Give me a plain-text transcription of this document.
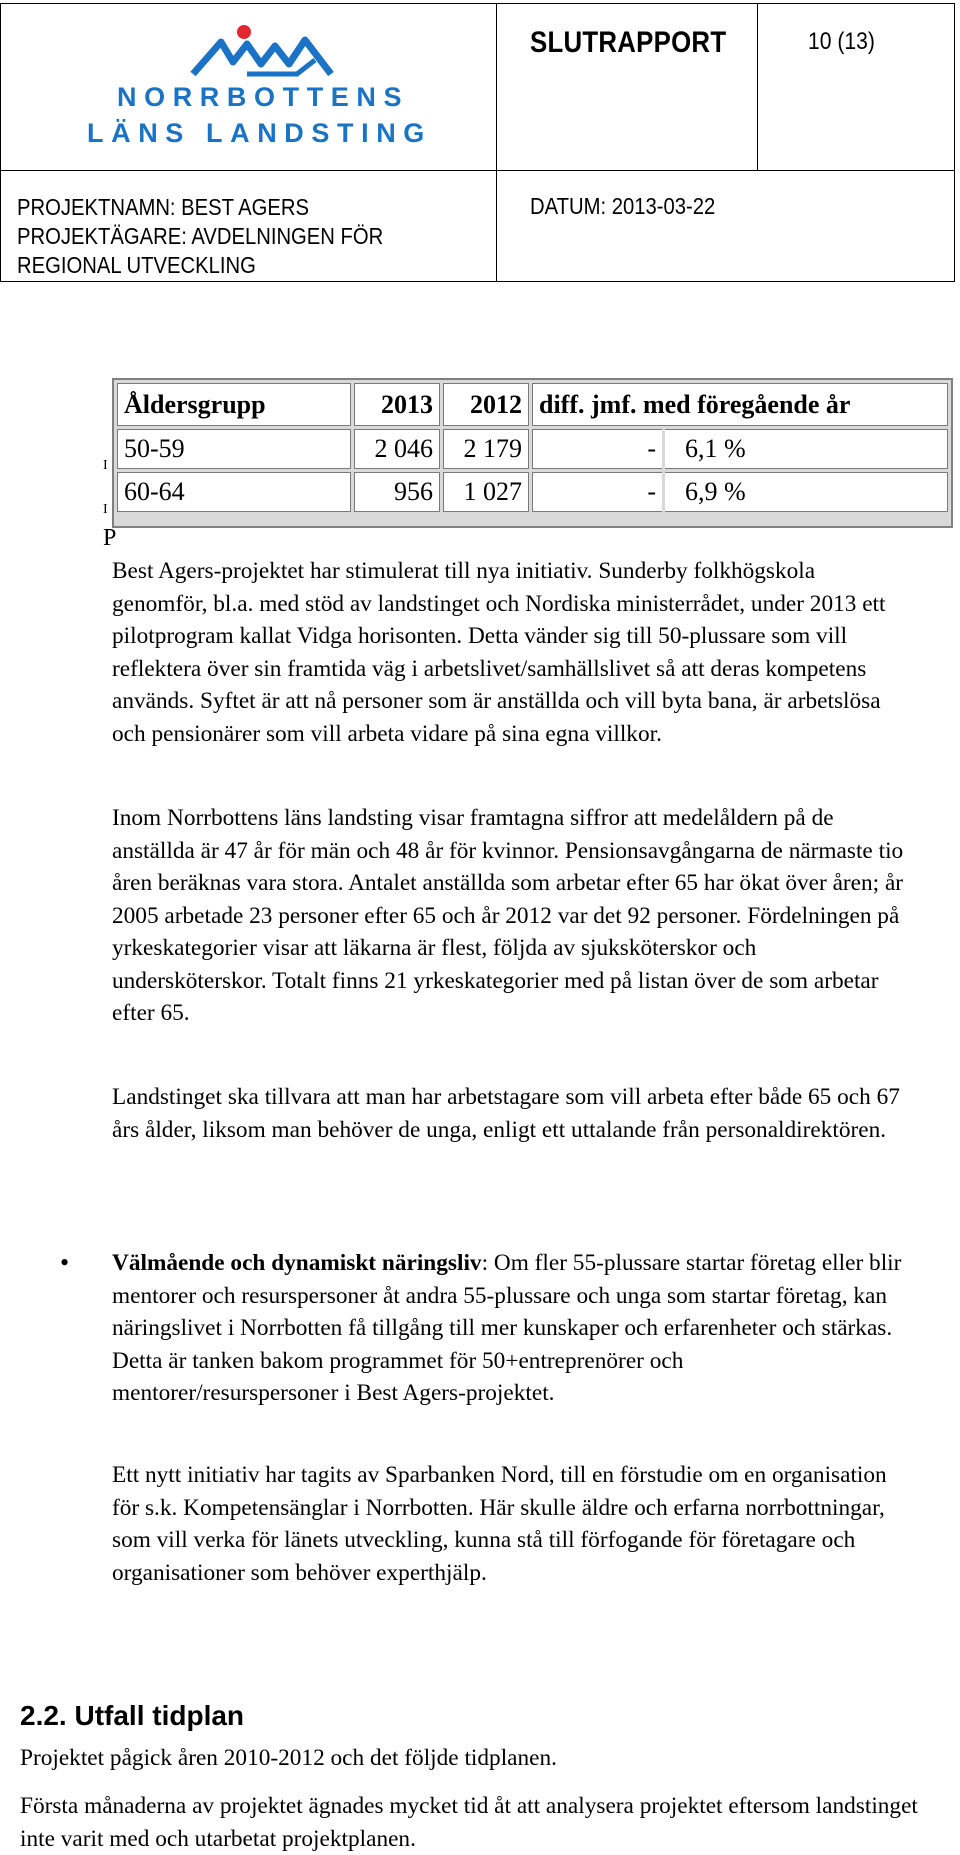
NORRBOTTENS
LÄNS LANDSTING	SLUTRAPPORT	10 (13)

PROJEKTNAMN: BEST AGERS
PROJEKTÄGARE: AVDELNINGEN FÖR
REGIONAL UTVECKLING	DATUM: 2013-03-22	
Åldersgrupp	2013	2012	diff. jmf. med föregående år	
50-59	2 046	2 179	-	6,1 %
60-64	956	1 027	-	6,9 %
I
I
P

Best Agers-projektet har stimulerat till nya initiativ. Sunderby folkhögskola genomför, bl.a. med stöd av landstinget och Nordiska ministerrådet, under 2013 ett pilotprogram kallat Vidga horisonten. Detta vänder sig till 50-plussare som vill reflektera över sin framtida väg i arbetslivet/samhällslivet så att deras kompetens används. Syftet är att nå personer som är anställda och vill byta bana, är arbetslösa och pensionärer som vill arbeta vidare på sina egna villkor.

Inom Norrbottens läns landsting visar framtagna siffror att medelåldern på de anställda är 47 år för män och 48 år för kvinnor. Pensionsavgångarna de närmaste tio åren beräknas vara stora. Antalet anställda som arbetar efter 65 har ökat över åren; år 2005 arbetade 23 personer efter 65 och år 2012 var det 92 personer. Fördelningen på yrkeskategorier visar att läkarna är flest, följda av sjuksköterskor och undersköterskor. Totalt finns 21 yrkeskategorier med på listan över de som arbetar efter 65.

Landstinget ska tillvara att man har arbetstagare som vill arbeta efter både 65 och 67 års ålder, liksom man behöver de unga, enligt ett uttalande från personaldirektören.

• Välmående och dynamiskt näringsliv: Om fler 55-plussare startar företag eller blir mentorer och resurspersoner åt andra 55-plussare och unga som startar företag, kan näringslivet i Norrbotten få tillgång till mer kunskaper och erfarenheter och stärkas. Detta är tanken bakom programmet för 50+entreprenörer och mentorer/resurspersoner i Best Agers-projektet.

Ett nytt initiativ har tagits av Sparbanken Nord, till en förstudie om en organisation för s.k. Kompetensänglar i Norrbotten. Här skulle äldre och erfarna norrbottningar, som vill verka för länets utveckling, kunna stå till förfogande för företagare och organisationer som behöver experthjälp.

2.2. Utfall tidplan
Projektet pågick åren 2010-2012 och det följde tidplanen.
Första månaderna av projektet ägnades mycket tid åt att analysera projektet eftersom landstinget inte varit med och utarbetat projektplanen.
